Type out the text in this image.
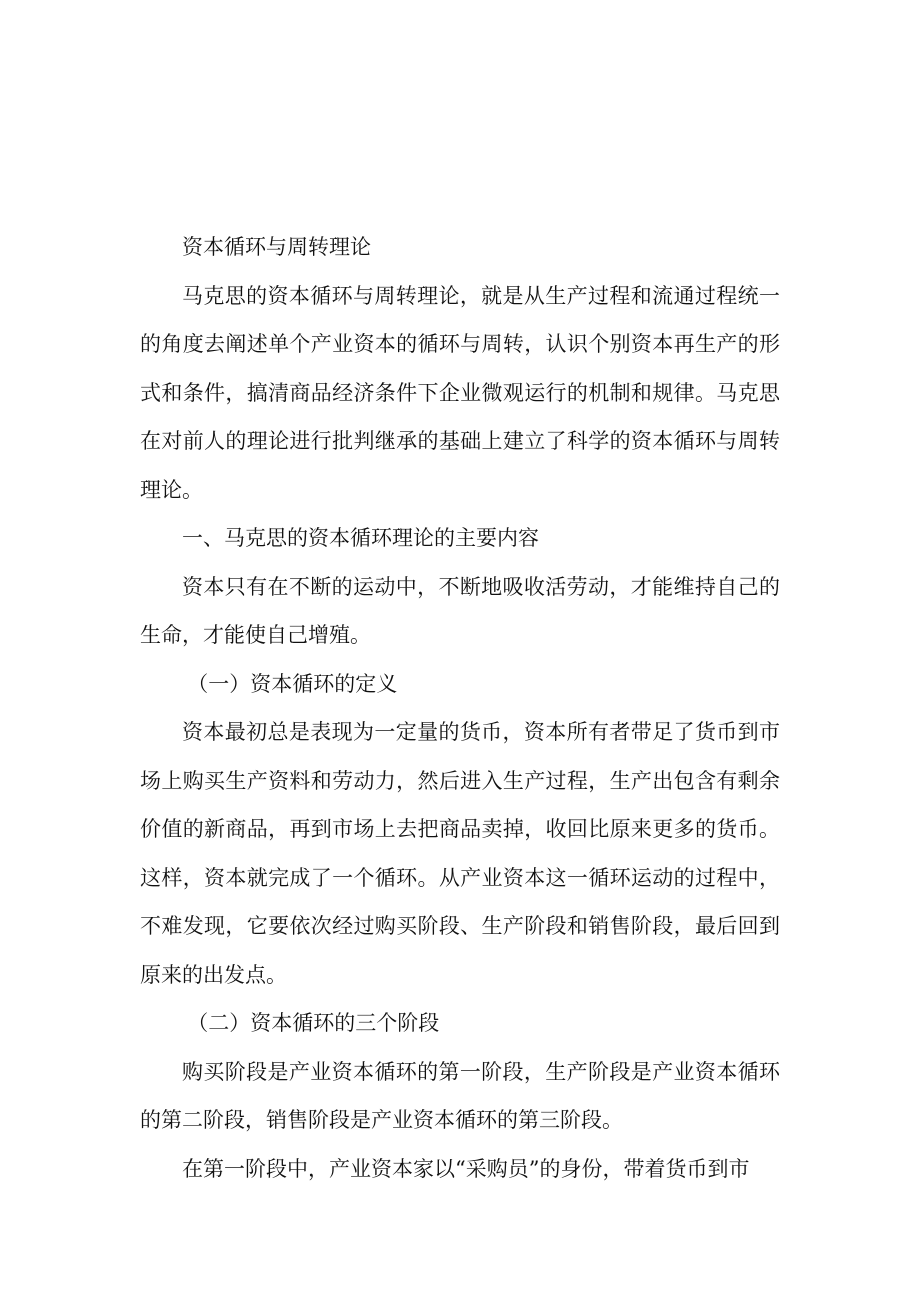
资本循环与周转理论

马克思的资本循环与周转理论，就是从生产过程和流通过程统一的角度去阐述单个产业资本的循环与周转，认识个别资本再生产的形式和条件，搞清商品经济条件下企业微观运行的机制和规律。马克思在对前人的理论进行批判继承的基础上建立了科学的资本循环与周转理论。

一、马克思的资本循环理论的主要内容

资本只有在不断的运动中，不断地吸收活劳动，才能维持自己的生命，才能使自己增殖。

（一）资本循环的定义

资本最初总是表现为一定量的货币，资本所有者带足了货币到市场上购买生产资料和劳动力，然后进入生产过程，生产出包含有剩余价值的新商品，再到市场上去把商品卖掉，收回比原来更多的货币。这样，资本就完成了一个循环。从产业资本这一循环运动的过程中，不难发现，它要依次经过购买阶段、生产阶段和销售阶段，最后回到原来的出发点。

（二）资本循环的三个阶段

购买阶段是产业资本循环的第一阶段，生产阶段是产业资本循环的第二阶段，销售阶段是产业资本循环的第三阶段。

在第一阶段中，产业资本家以“采购员”的身份，带着货币到市
